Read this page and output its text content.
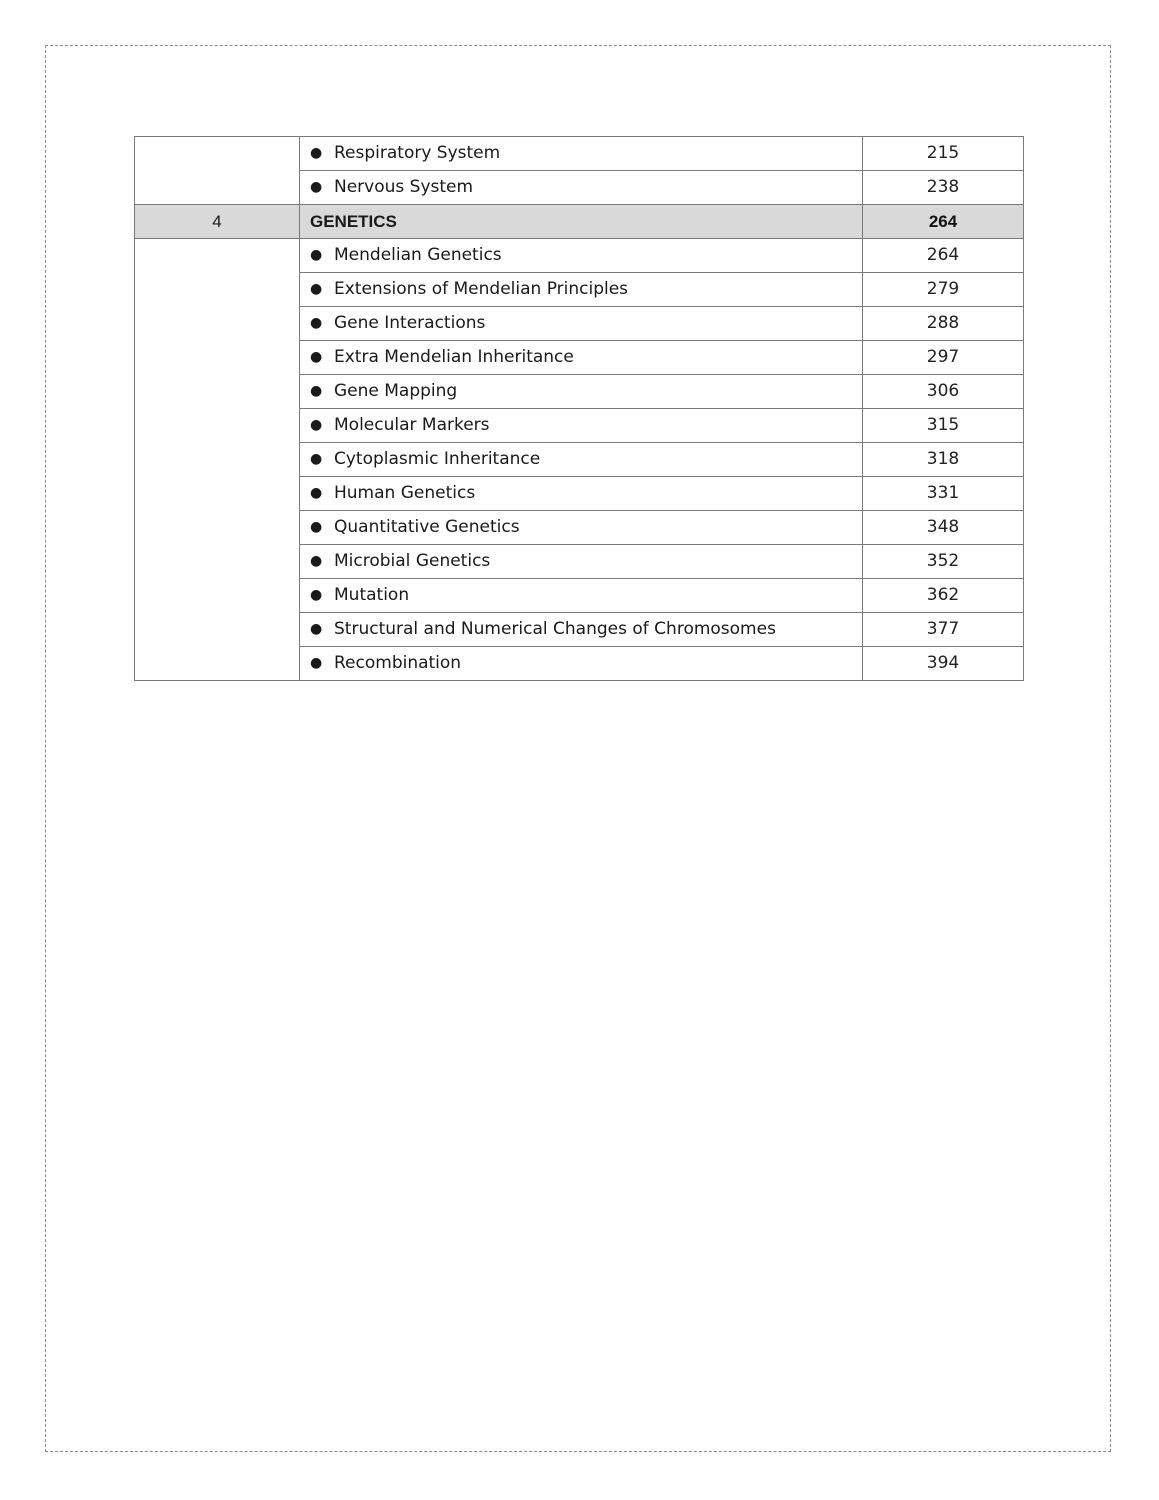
	● Respiratory System	215
	● Nervous System	238
4	GENETICS	264
	● Mendelian Genetics	264
	● Extensions of Mendelian Principles	279
	● Gene Interactions	288
	● Extra Mendelian Inheritance	297
	● Gene Mapping	306
	● Molecular Markers	315
	● Cytoplasmic Inheritance	318
	● Human Genetics	331
	● Quantitative Genetics	348
	● Microbial Genetics	352
	● Mutation	362
	● Structural and Numerical Changes of Chromosomes	377
	● Recombination	394
